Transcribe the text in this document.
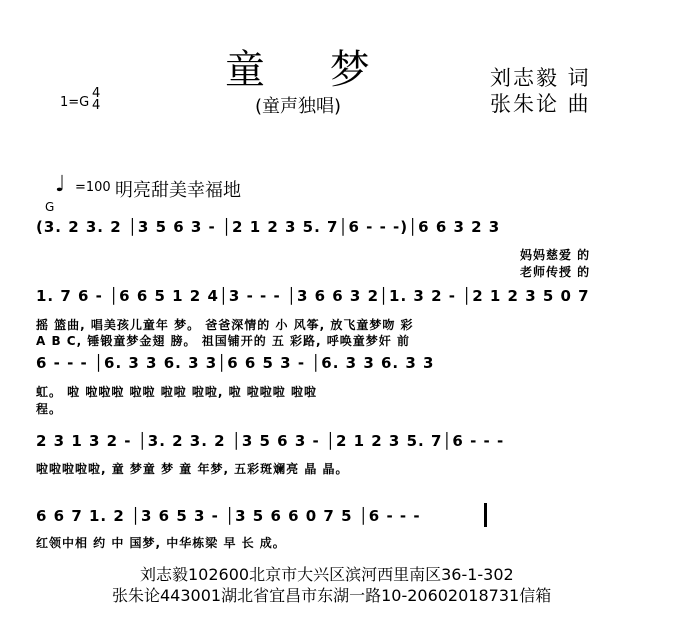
童 梦
(童声独唱)
刘志毅 词
张朱论 曲
1=G
4
4
♩ =100 明亮甜美幸福地
G
(3. 2 3. 2 │3 5 6 3 - │2 1 2 3 5. 7│6 - - -)│6 6 3 2 3
妈妈慈爱 的
老师传授 的
1. 7 6 - │6 6 5 1 2 4│3 - - - │3 6 6 3 2│1. 3 2 - │2 1 2 3 5 0 7
摇 篮曲, 唱美孩儿童年 梦。 爸爸深情的 小 风筝, 放飞童梦吻 彩
A B C, 锤锻童梦金翅 膀。 祖国铺开的 五 彩路, 呼唤童梦奸 前
6 - - - │6. 3 3 6. 3 3│6 6 5 3 - │6. 3 3 6. 3 3
虹。 啦 啦啦啦 啦啦 啦啦 啦啦, 啦 啦啦啦 啦啦
程。
2 3 1 3 2 - │3. 2 3. 2 │3 5 6 3 - │2 1 2 3 5. 7│6 - - -
啦啦啦啦啦, 童 梦童 梦 童 年梦, 五彩斑斓亮 晶 晶。
6 6 7 1. 2 │3 6 5 3 - │3 5 6 6 0 7 5 │6 - - -
红领中相 约 中 国梦, 中华栋梁 早 长 成。
刘志毅102600北京市大兴区滨河西里南区36-1-302
张朱论443001湖北省宜昌市东湖一路10-20602018731信箱
